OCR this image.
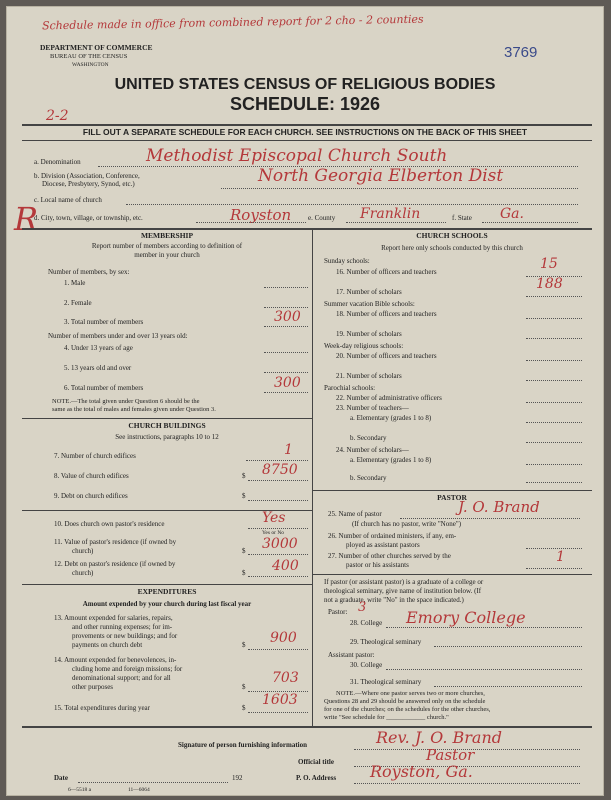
Schedule made in office from combined report for 2 cho - 2 counties
DEPARTMENT OF COMMERCE
BUREAU OF THE CENSUS
WASHINGTON
3769
UNITED STATES CENSUS OF RELIGIOUS BODIES
SCHEDULE: 1926
2-2
FILL OUT A SEPARATE SCHEDULE FOR EACH CHURCH. SEE INSTRUCTIONS ON THE BACK OF THIS SHEET
a. Denomination	Methodist Episcopal Church South
b. Division (Association, Conference,
Diocese, Presbytery, Synod, etc.)	North Georgia Elberton Dist
R
c. Local name of church
d. City, town, village, or township, etc.	Royston e. County Franklin	f. State Ga.
MEMBERSHIP
Report number of members according to definition of
member in your church
Number of members, by sex:
1. Male
2. Female
3. Total number of members	300
Number of members under and over 13 years old:
4. Under 13 years of age
5. 13 years old and over
6. Total number of members	300
NOTE.—The total given under Question 6 should be the
same as the total of males and females given under Question 3.
CHURCH BUILDINGS
See instructions, paragraphs 10 to 12
7. Number of church edifices	1
8. Value of church edifices	$ 8750
9. Debt on church edifices	$
10. Does church own pastor's residence	Yes
Yes or No
11. Value of pastor's residence (if owned by
church)	$ 3000
12. Debt on pastor's residence (if owned by
church)	$ 400
EXPENDITURES
Amount expended by your church during last fiscal year
13. Amount expended for salaries, repairs,
and other running expenses; for im-
provements or new buildings; and for
payments on church debt	$ 900
14. Amount expended for benevolences, in-
cluding home and foreign missions; for
denominational support; and for all
other purposes	$
703
15. Total expenditures during year	$ 1603
CHURCH SCHOOLS
Report here only schools conducted by this church
Sunday schools:
16. Number of officers and teachers	15
17. Number of scholars	188
Summer vacation Bible schools:
18. Number of officers and teachers
19. Number of scholars
Week-day religious schools:
20. Number of officers and teachers
21. Number of scholars
Parochial schools:
22. Number of administrative officers
23. Number of teachers—
a. Elementary (grades 1 to 8)
b. Secondary
24. Number of scholars—
a. Elementary (grades 1 to 8)
b. Secondary
PASTOR
25. Name of pastor	J. O. Brand
(If church has no pastor, write "None")
26. Number of ordained ministers, if any, em-
ployed as assistant pastors
27. Number of other churches served by the
pastor or his assistants	1
If pastor (or assistant pastor) is a graduate of a college or
theological seminary, give name of institution below. (If
not a graduate, write "No" in the space indicated.)
Pastor: 3
28. College Emory College
29. Theological seminary
Assistant pastor:
30. College
31. Theological seminary
NOTE.—Where one pastor serves two or more churches,
Questions 28 and 29 should be answered only on the schedule
for one of the churches; on the schedules for the other churches,
write "See schedule for ____________ church."
Signature of person furnishing information	Rev. J. O. Brand
Official title	Pastor
Date	192	P. O. Address Royston, Ga.
6—5518 a	11—6064
